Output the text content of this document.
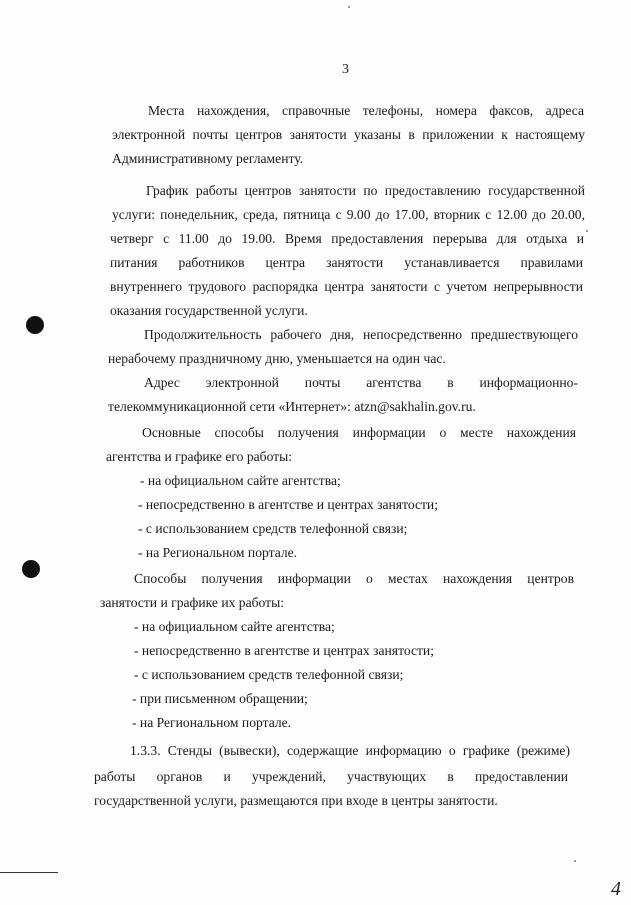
3
Места нахождения, справочные телефоны, номера факсов, адреса
электронной почты центров занятости указаны в приложении к настоящему
Административному регламенту.
График работы центров занятости по предоставлению государственной
услуги: понедельник, среда, пятница с 9.00 до 17.00, вторник с 12.00 до 20.00,
четверг с 11.00 до 19.00. Время предоставления перерыва для отдыха и
питания работников центра занятости устанавливается правилами
внутреннего трудового распорядка центра занятости с учетом непрерывности
оказания государственной услуги.
Продолжительность рабочего дня, непосредственно предшествующего
нерабочему праздничному дню, уменьшается на один час.
Адрес электронной почты агентства в информационно-
телекоммуникационной сети «Интернет»: atzn@sakhalin.gov.ru.
Основные способы получения информации о месте нахождения
агентства и графике его работы:
- на официальном сайте агентства;
- непосредственно в агентстве и центрах занятости;
- с использованием средств телефонной связи;
- на Региональном портале.
Способы получения информации о местах нахождения центров
занятости и графике их работы:
- на официальном сайте агентства;
- непосредственно в агентстве и центрах занятости;
- с использованием средств телефонной связи;
- при письменном обращении;
- на Региональном портале.
1.3.3. Стенды (вывески), содержащие информацию о графике (режиме)
работы органов и учреждений, участвующих в предоставлении
государственной услуги, размещаются при входе в центры занятости.
4
